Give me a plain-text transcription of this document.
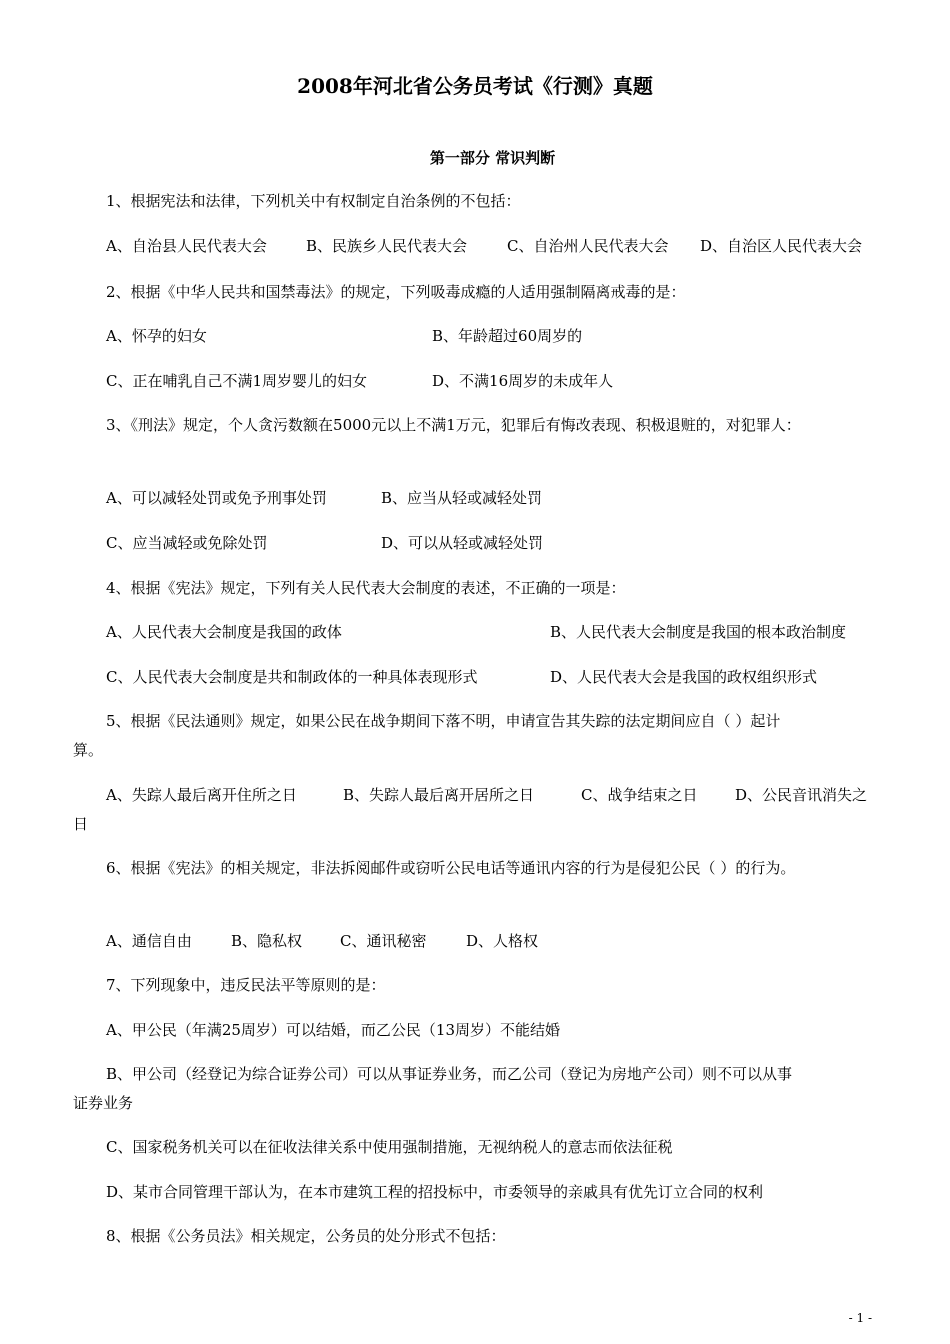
2008年河北省公务员考试《行测》真题
第一部分 常识判断
1、根据宪法和法律，下列机关中有权制定自治条例的不包括：
A、自治县人民代表大会	B、民族乡人民代表大会	C、自治州人民代表大会 D、自治区人民代表大会
2、根据《中华人民共和国禁毒法》的规定，下列吸毒成瘾的人适用强制隔离戒毒的是：
A、怀孕的妇女	B、年龄超过60周岁的
C、正在哺乳自己不满1周岁婴儿的妇女	D、不满16周岁的未成年人
3、《刑法》规定，个人贪污数额在5000元以上不满1万元，犯罪后有悔改表现、积极退赃的，对犯罪人：
A、可以减轻处罚或免予刑事处罚	B、应当从轻或减轻处罚
C、应当减轻或免除处罚	D、可以从轻或减轻处罚
4、根据《宪法》规定，下列有关人民代表大会制度的表述，不正确的一项是：
A、人民代表大会制度是我国的政体	B、人民代表大会制度是我国的根本政治制度
C、人民代表大会制度是共和制政体的一种具体表现形式	D、人民代表大会是我国的政权组织形式
5、根据《民法通则》规定，如果公民在战争期间下落不明，申请宣告其失踪的法定期间应自（ ）起计
算。
A、失踪人最后离开住所之日	B、失踪人最后离开居所之日	C、战争结束之日	D、公民音讯消失之
日
6、根据《宪法》的相关规定，非法拆阅邮件或窃听公民电话等通讯内容的行为是侵犯公民（ ）的行为。
A、通信自由	B、隐私权	C、通讯秘密	D、人格权
7、下列现象中，违反民法平等原则的是：
A、甲公民（年满25周岁）可以结婚，而乙公民（13周岁）不能结婚
B、甲公司（经登记为综合证券公司）可以从事证券业务，而乙公司（登记为房地产公司）则不可以从事
证券业务
C、国家税务机关可以在征收法律关系中使用强制措施，无视纳税人的意志而依法征税
D、某市合同管理干部认为，在本市建筑工程的招投标中，市委领导的亲戚具有优先订立合同的权利
8、根据《公务员法》相关规定，公务员的处分形式不包括：
- 1 -
